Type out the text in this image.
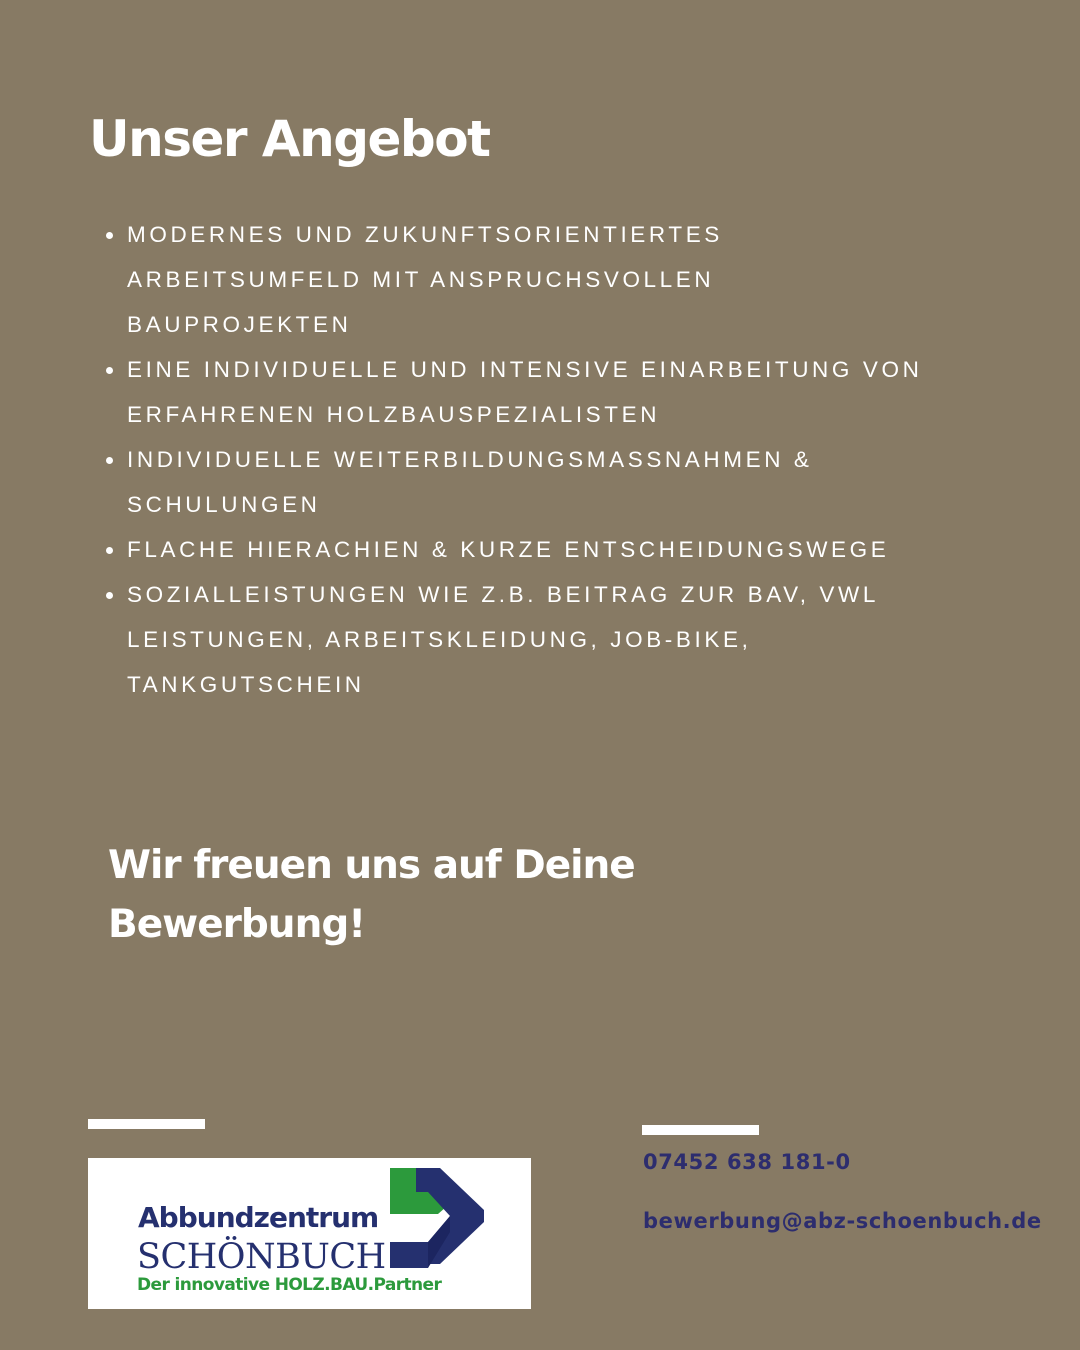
Unser Angebot
MODERNES UND ZUKUNFTSORIENTIERTES ARBEITSUMFELD MIT ANSPRUCHSVOLLEN BAUPROJEKTEN
EINE INDIVIDUELLE UND INTENSIVE EINARBEITUNG VON ERFAHRENEN HOLZBAUSPEZIALISTEN
INDIVIDUELLE WEITERBILDUNGSMASSNAHMEN & SCHULUNGEN
FLACHE HIERACHIEN & KURZE ENTSCHEIDUNGSWEGE
SOZIALLEISTUNGEN WIE Z.B. BEITRAG ZUR BAV, VWL LEISTUNGEN, ARBEITSKLEIDUNG, JOB-BIKE, TANKGUTSCHEIN
Wir freuen uns auf Deine
Bewerbung!
Abbundzentrum
SCHÖNBUCH
Der innovative HOLZ.BAU.Partner
07452 638 181-0
bewerbung@abz-schoenbuch.de
